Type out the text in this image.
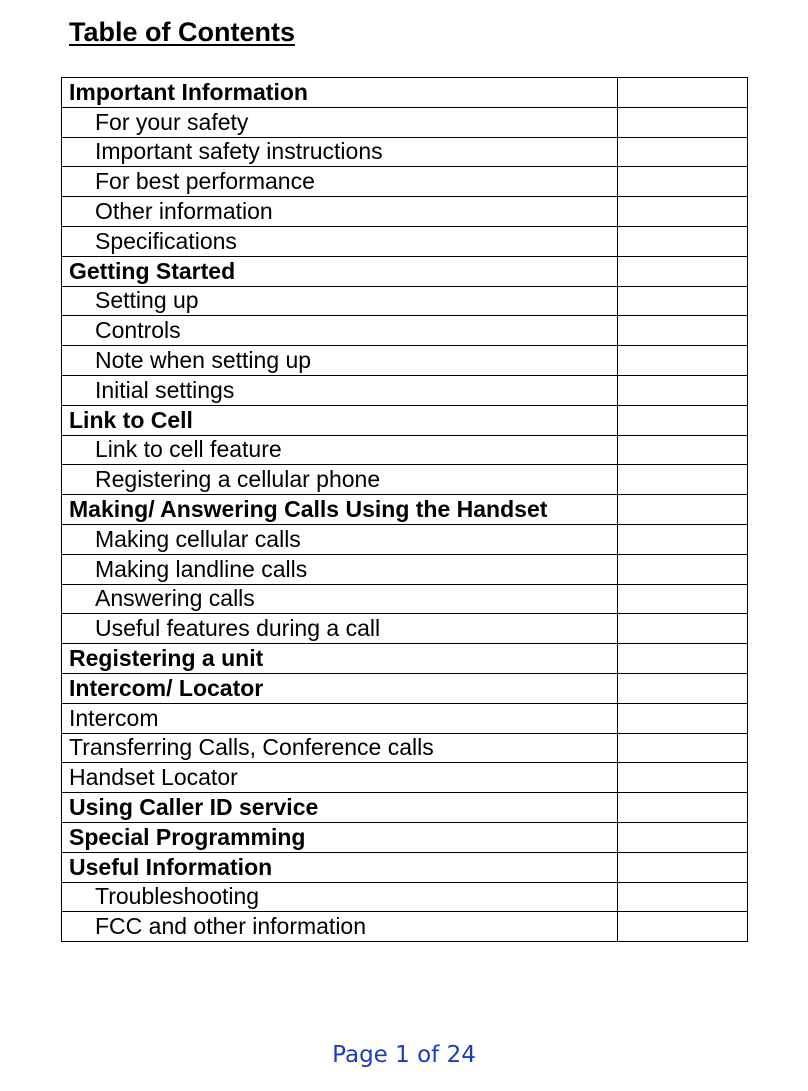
Table of Contents
Important Information	
For your safety	
Important safety instructions	
For best performance	
Other information	
Specifications	
Getting Started	
Setting up	
Controls	
Note when setting up	
Initial settings	
Link to Cell	
Link to cell feature	
Registering a cellular phone	
Making/ Answering Calls Using the Handset	
Making cellular calls	
Making landline calls	
Answering calls	
Useful features during a call	
Registering a unit	
Intercom/ Locator	
Intercom	
Transferring Calls, Conference calls	
Handset Locator	
Using Caller ID service	
Special Programming	
Useful Information	
Troubleshooting	
FCC and other information	
Page 1 of 24
